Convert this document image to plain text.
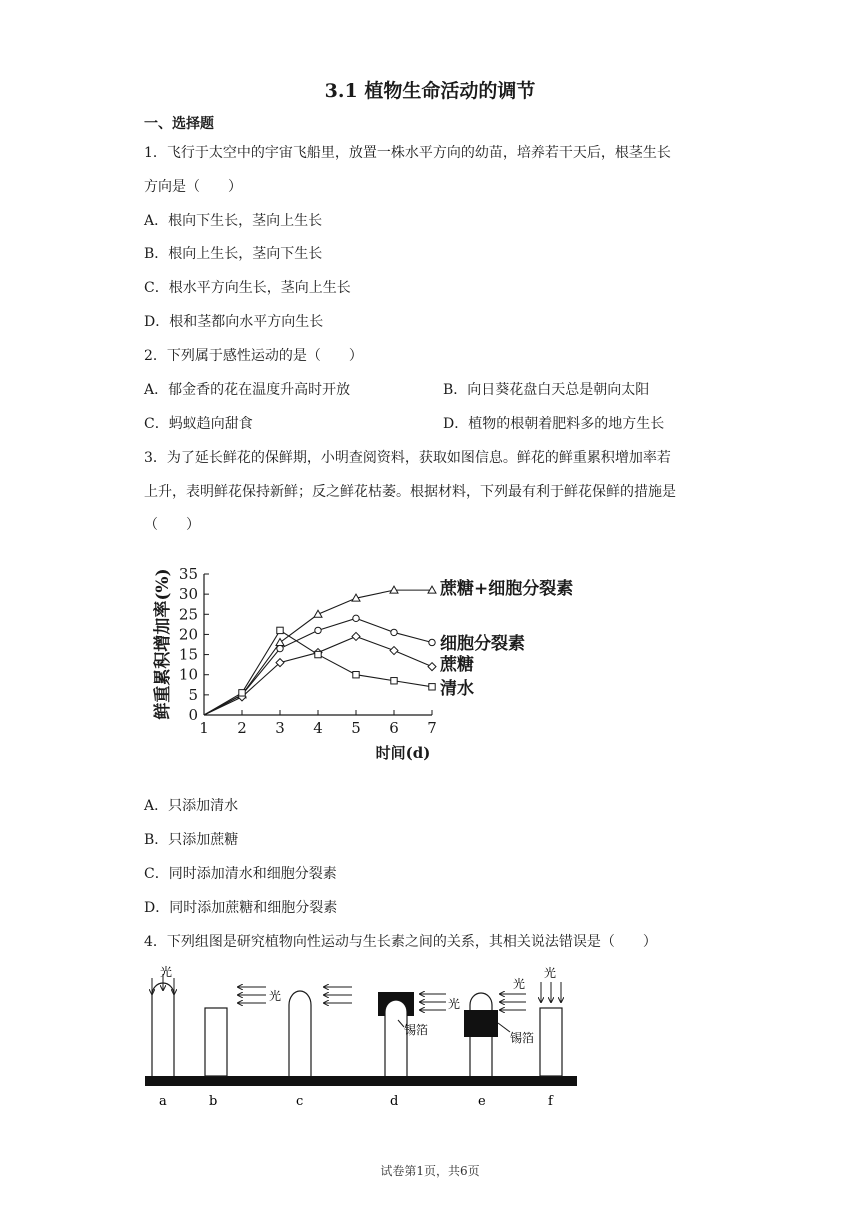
3.1 植物生命活动的调节
一、选择题
1．飞行于太空中的宇宙飞船里，放置一株水平方向的幼苗，培养若干天后，根茎生长
方向是（　　）
A．根向下生长，茎向上生长
B．根向上生长，茎向下生长
C．根水平方向生长，茎向上生长
D．根和茎都向水平方向生长
2．下列属于感性运动的是（　　）
A．郁金香的花在温度升高时开放	B．向日葵花盘白天总是朝向太阳
C．蚂蚁趋向甜食	D．植物的根朝着肥料多的地方生长
3．为了延长鲜花的保鲜期，小明查阅资料，获取如图信息。鲜花的鲜重累积增加率若
上升，表明鲜花保持新鲜；反之鲜花枯萎。根据材料，下列最有利于鲜花保鲜的措施是
（　　）
0
5
10
15
20
25
30
35
1 2 3 4 5 6 7
鲜重累积增加率(%)
时间(d)
蔗糖+细胞分裂素
细胞分裂素
蔗糖
清水
A．只添加清水
B．只添加蔗糖
C．同时添加清水和细胞分裂素
D．同时添加蔗糖和细胞分裂素
4．下列组图是研究植物向性运动与生长素之间的关系，其相关说法错误是（　　）
光
光
锡箔
光
锡箔
光
光
a	b	c	d	e	f
试卷第1页，共6页
